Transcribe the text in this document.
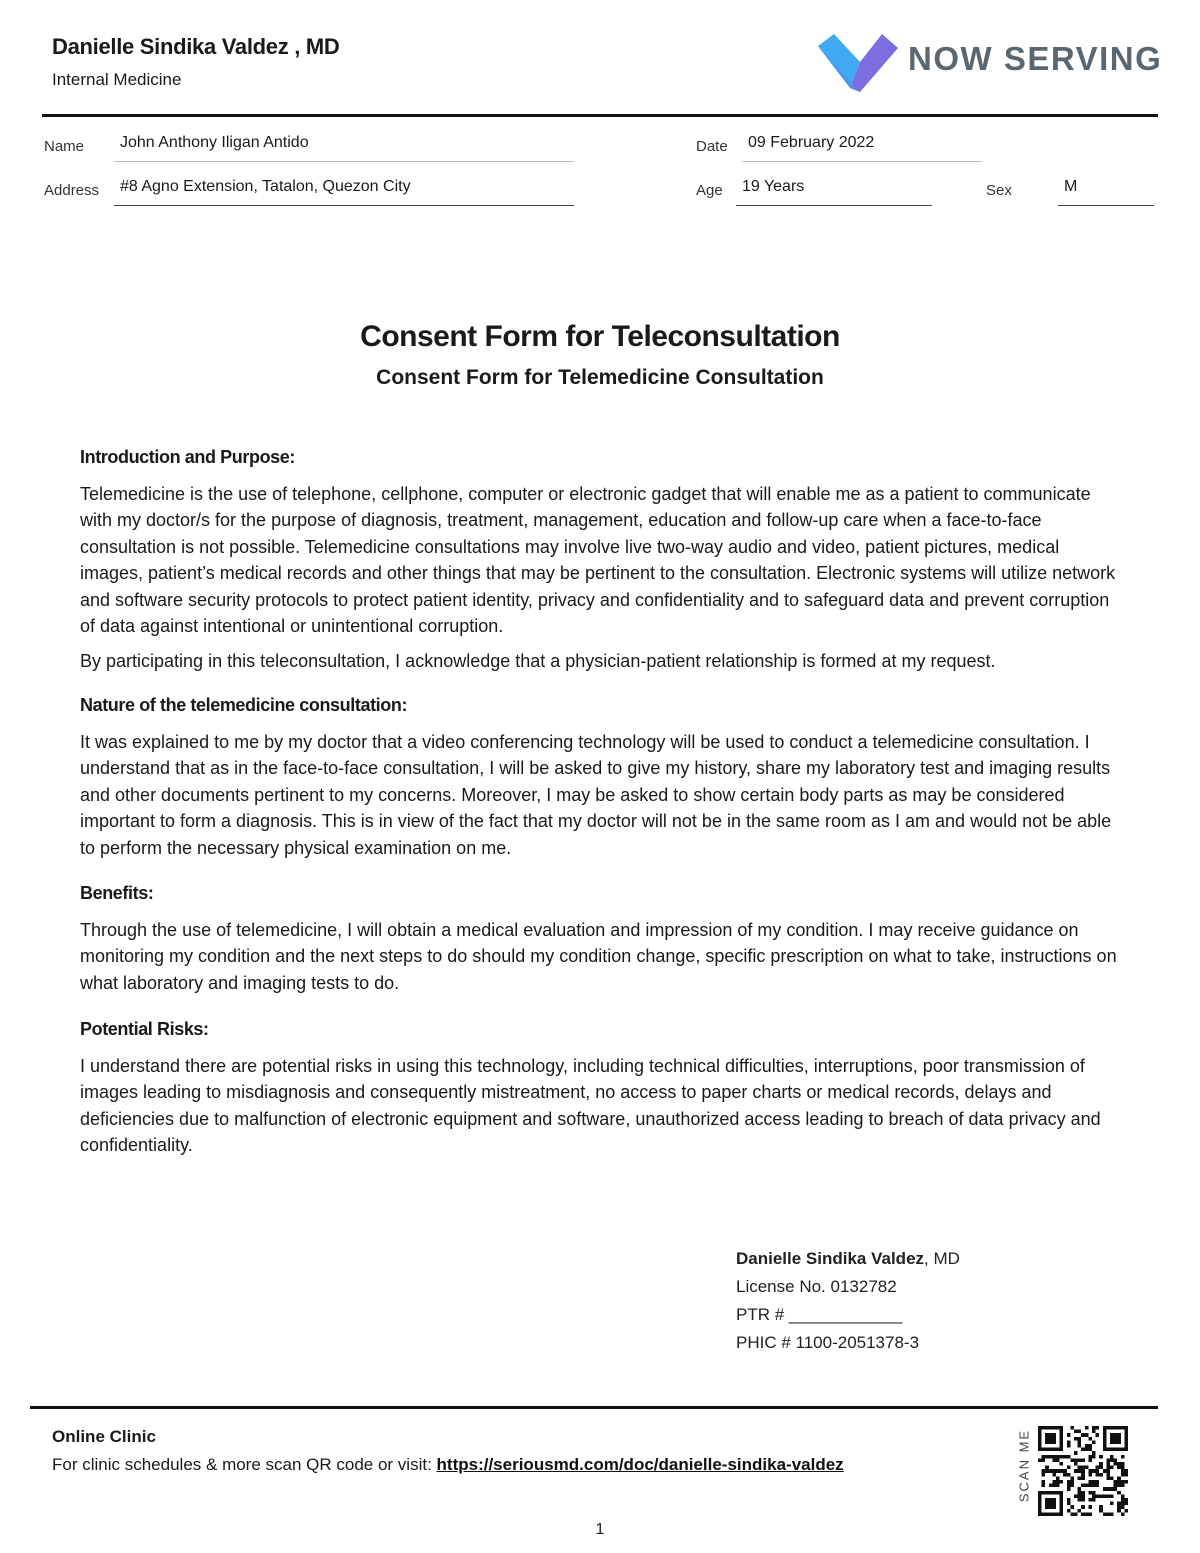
Danielle Sindika Valdez , MD
Internal Medicine
NOW SERVING
Name	John Anthony Iligan Antido
Address	#8 Agno Extension, Tatalon, Quezon City
Date	09 February 2022
Age	19 Years	Sex	M
Consent Form for Teleconsultation
Consent Form for Telemedicine Consultation
Introduction and Purpose:

Telemedicine is the use of telephone, cellphone, computer or electronic gadget that will enable me as a patient to communicate with my doctor/s for the purpose of diagnosis, treatment, management, education and follow-up care when a face-to-face consultation is not possible. Telemedicine consultations may involve live two-way audio and video, patient pictures, medical images, patient’s medical records and other things that may be pertinent to the consultation. Electronic systems will utilize network and software security protocols to protect patient identity, privacy and confidentiality and to safeguard data and prevent corruption of data against intentional or unintentional corruption.

By participating in this teleconsultation, I acknowledge that a physician-patient relationship is formed at my request.

Nature of the telemedicine consultation:

It was explained to me by my doctor that a video conferencing technology will be used to conduct a telemedicine consultation. I understand that as in the face-to-face consultation, I will be asked to give my history, share my laboratory test and imaging results and other documents pertinent to my concerns. Moreover, I may be asked to show certain body parts as may be considered important to form a diagnosis. This is in view of the fact that my doctor will not be in the same room as I am and would not be able to perform the necessary physical examination on me.

Benefits:

Through the use of telemedicine, I will obtain a medical evaluation and impression of my condition. I may receive guidance on monitoring my condition and the next steps to do should my condition change, specific prescription on what to take, instructions on what laboratory and imaging tests to do.

Potential Risks:

I understand there are potential risks in using this technology, including technical difficulties, interruptions, poor transmission of images leading to misdiagnosis and consequently mistreatment, no access to paper charts or medical records, delays and deficiencies due to malfunction of electronic equipment and software, unauthorized access leading to breach of data privacy and confidentiality.

Danielle Sindika Valdez, MD
License No. 0132782
PTR # ____________
PHIC # 1100-2051378-3
Online Clinic
For clinic schedules & more scan QR code or visit: https://seriousmd.com/doc/danielle-sindika-valdez	SCAN ME
1
